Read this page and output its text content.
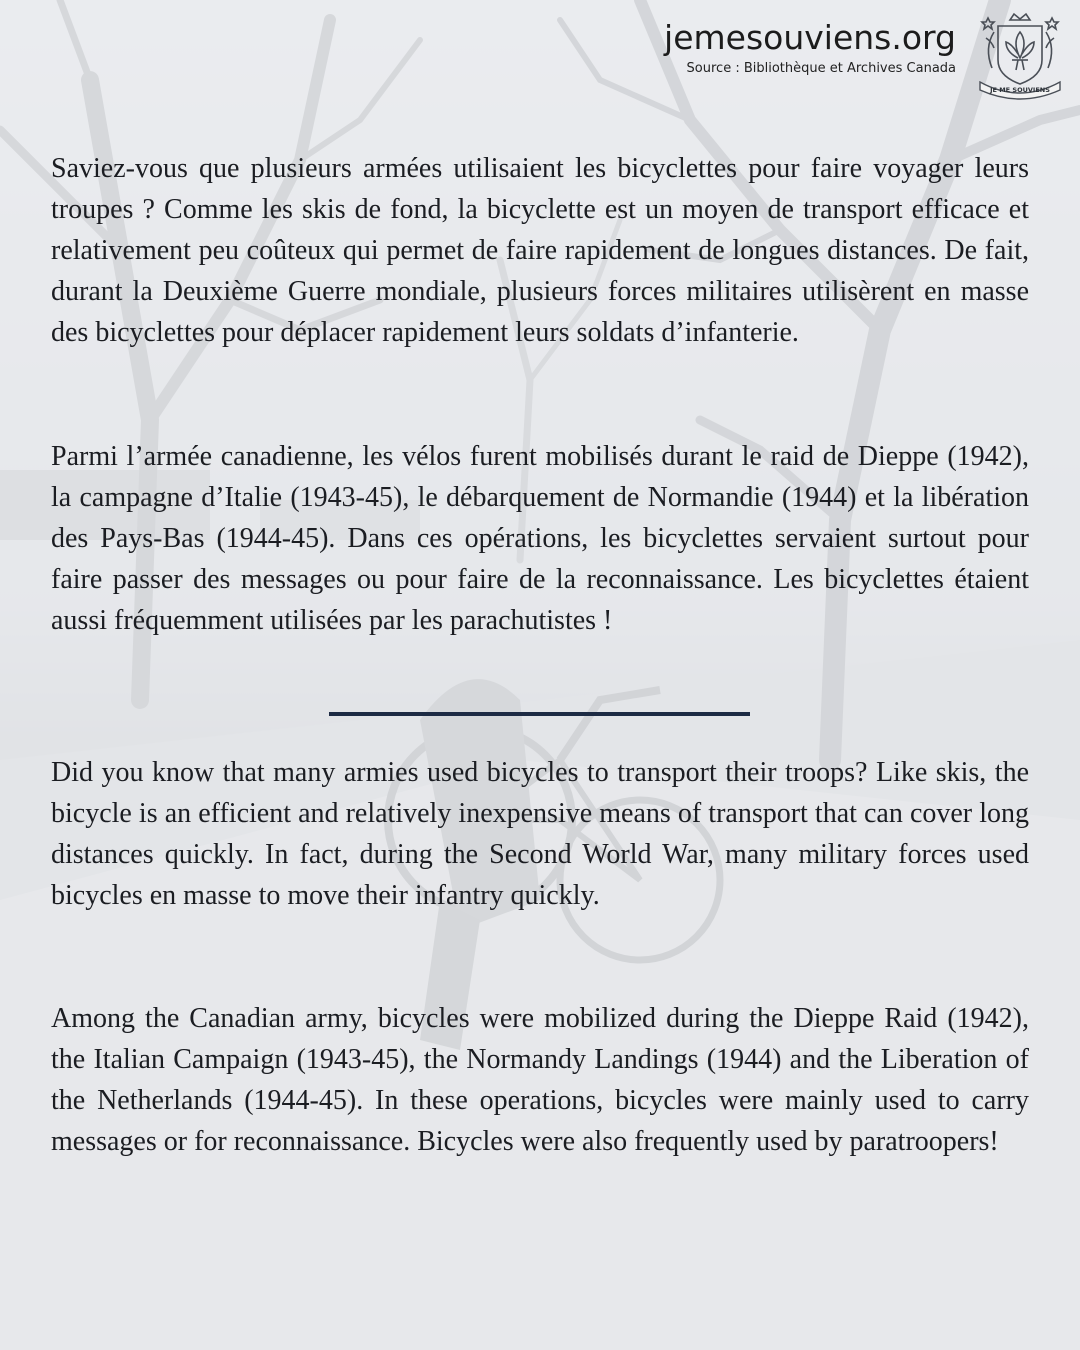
jemesouviens.org
Source : Bibliothèque et Archives Canada
JE ME SOUVIENS

Saviez-vous que plusieurs armées utilisaient les bicyclettes pour faire voyager leurs troupes ? Comme les skis de fond, la bicyclette est un moyen de transport efficace et relativement peu coûteux qui permet de faire rapidement de longues distances. De fait, durant la Deuxième Guerre mondiale, plusieurs forces militaires utilisèrent en masse des bicyclettes pour déplacer rapidement leurs soldats d’infanterie.

Parmi l’armée canadienne, les vélos furent mobilisés durant le raid de Dieppe (1942), la campagne d’Italie (1943-45), le débarquement de Normandie (1944) et la libération des Pays-Bas (1944-45). Dans ces opérations, les bicyclettes servaient surtout pour faire passer des messages ou pour faire de la reconnaissance. Les bicyclettes étaient aussi fréquemment utilisées par les parachutistes !

Did you know that many armies used bicycles to transport their troops? Like skis, the bicycle is an efficient and relatively inexpensive means of transport that can cover long distances quickly. In fact, during the Second World War, many military forces used bicycles en masse to move their infantry quickly.

Among the Canadian army, bicycles were mobilized during the Dieppe Raid (1942), the Italian Campaign (1943-45), the Normandy Landings (1944) and the Liberation of the Netherlands (1944-45). In these operations, bicycles were mainly used to carry messages or for reconnaissance. Bicycles were also frequently used by paratroopers!
